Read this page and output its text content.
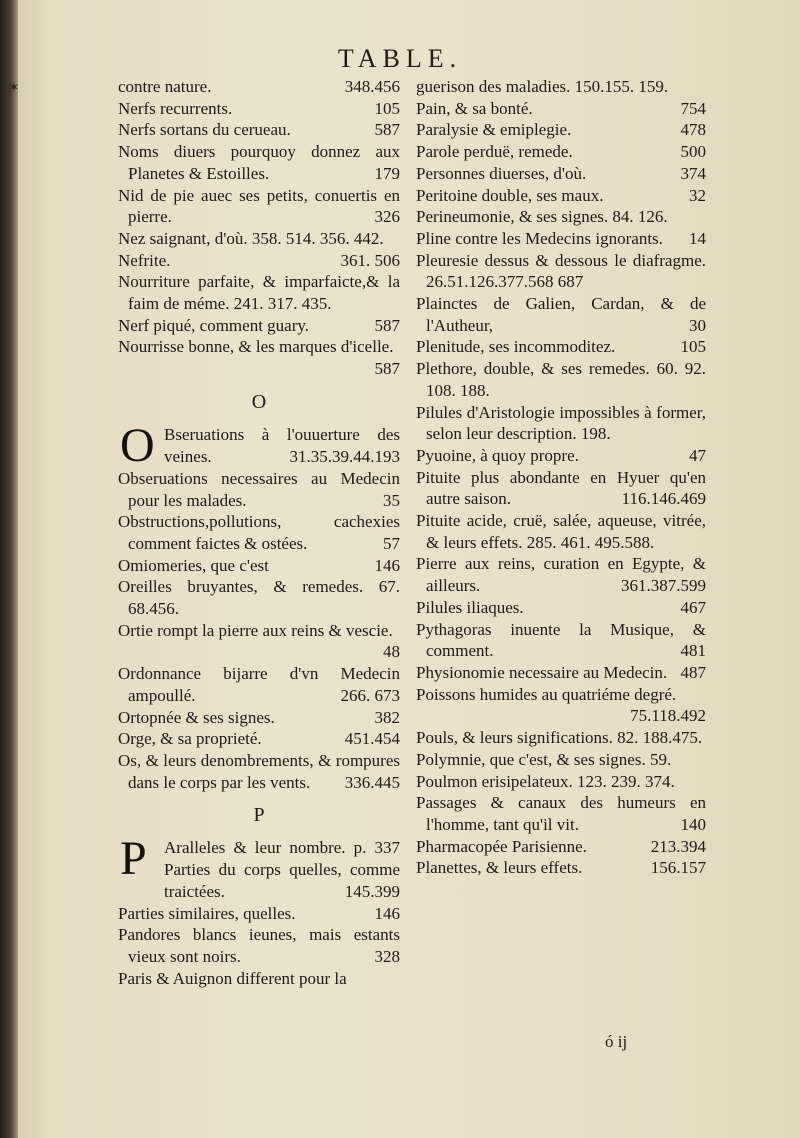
✶
TABLE.
contre nature.	348.456
Nerfs recurrents.	105
Nerfs sortans du cerueau.	587
Noms diuers pourquoy donnez aux Planetes & Estoilles.	179
Nid de pie auec ses petits, conuertis en pierre.	326
Nez saignant, d'où. 358. 514. 356. 442.
Nefrite.	361. 506
Nourriture parfaite, & imparfaicte,& la faim de méme. 241. 317. 435.
Nerf piqué, comment guary.	587
Nourrisse bonne, & les marques d'icelle.
587
O
O Bseruations à l'ouuerture des veines.	31.35.39.44.193
Obseruations necessaires au Medecin pour les malades.	35
Obstructions,pollutions, cachexies comment faictes & ostées.	57
Omiomeries, que c'est	146
Oreilles bruyantes, & remedes. 67. 68.456.
Ortie rompt la pierre aux reins & vescie.
48
Ordonnance bijarre d'vn Medecin ampoullé.	266. 673
Ortopnée & ses signes.	382
Orge, & sa proprieté.	451.454
Os, & leurs denombrements, & rompures dans le corps par les vents. 336.445
P
P Aralleles & leur nombre. p. 337 Parties du corps quelles, comme traictées.	145.399
Parties similaires, quelles.	146
Pandores blancs ieunes, mais estants vieux sont noirs.	328
Paris & Auignon different pour la
guerison des maladies. 150.155. 159.
Pain, & sa bonté.	754
Paralysie & emiplegie.	478
Parole perduë, remede.	500
Personnes diuerses, d'où.	374
Peritoine double, ses maux.	32
Perineumonie, & ses signes. 84. 126.
Pline contre les Medecins ignorants. 14
Pleuresie dessus & dessous le diafragme. 26.51.126.377.568 687
Plainctes de Galien, Cardan, & de l'Autheur,	30
Plenitude, ses incommoditez.	105
Plethore, double, & ses remedes. 60. 92. 108. 188.
Pilules d'Aristologie impossibles à former, selon leur description. 198.
Pyuoine, à quoy propre.	47
Pituite plus abondante en Hyuer qu'en autre saison.	116.146.469
Pituite acide, cruë, salée, aqueuse, vitrée, & leurs effets. 285. 461. 495.588.
Pierre aux reins, curation en Egypte, & ailleurs.	361.387.599
Pilules iliaques.	467
Pythagoras inuente la Musique, & comment.	481
Physionomie necessaire au Medecin. 487
Poissons humides au quatriéme degré.
75.118.492
Pouls, & leurs significations. 82. 188.475.
Polymnie, que c'est, & ses signes. 59.
Poulmon erisipelateux. 123. 239. 374.
Passages & canaux des humeurs en l'homme, tant qu'il vit.	140
Pharmacopée Parisienne.	213.394
Planettes, & leurs effets.	156.157
ó ij
